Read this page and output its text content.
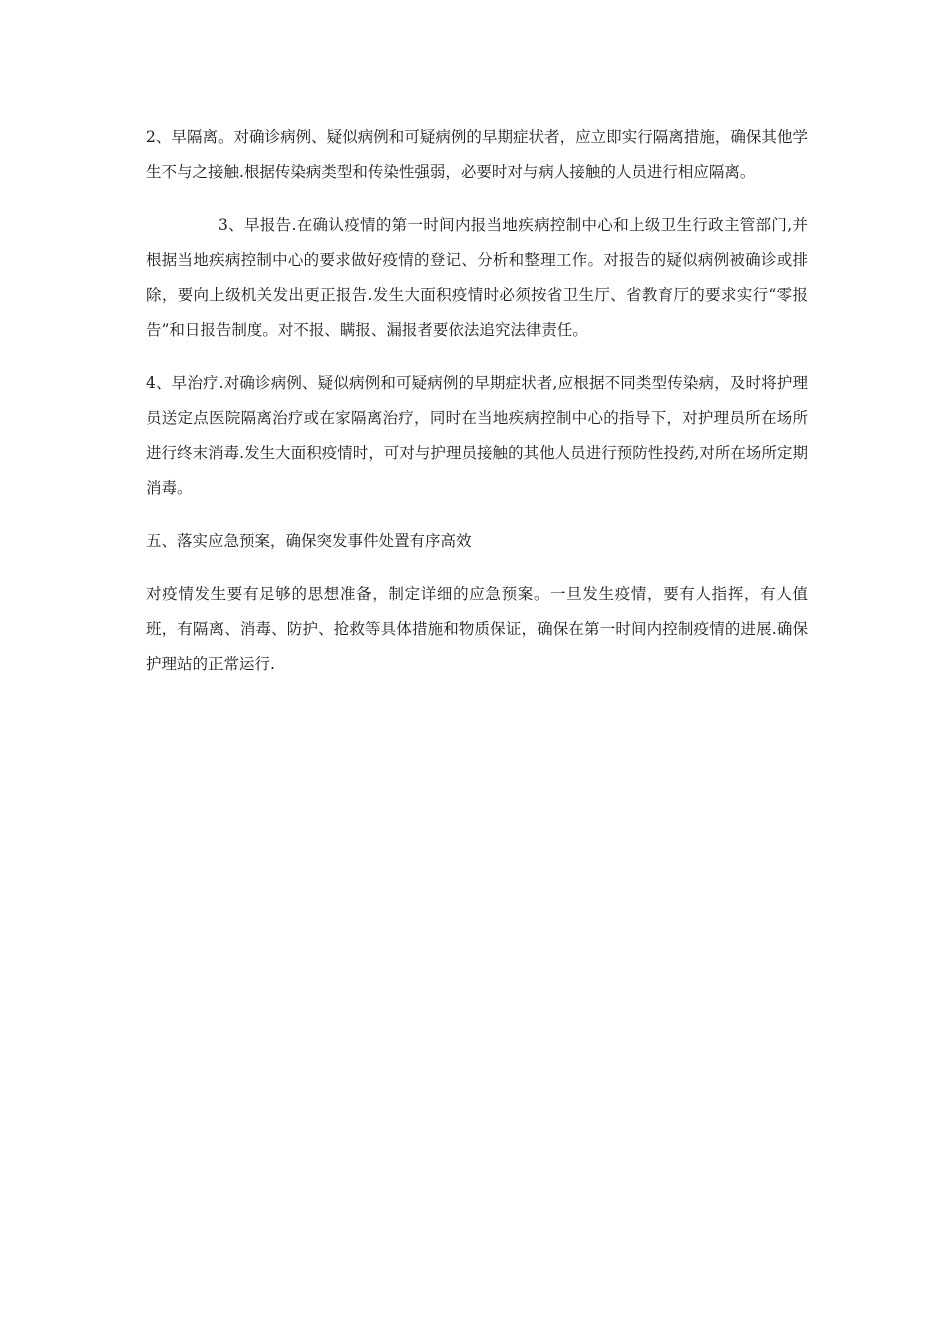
2、早隔离。对确诊病例、疑似病例和可疑病例的早期症状者，应立即实行隔离措施，确保其他学生不与之接触.根据传染病类型和传染性强弱，必要时对与病人接触的人员进行相应隔离。

3、早报告.在确认疫情的第一时间内报当地疾病控制中心和上级卫生行政主管部门,并根据当地疾病控制中心的要求做好疫情的登记、分析和整理工作。对报告的疑似病例被确诊或排除，要向上级机关发出更正报告.发生大面积疫情时必须按省卫生厅、省教育厅的要求实行“零报告”和日报告制度。对不报、瞒报、漏报者要依法追究法律责任。

4、早治疗.对确诊病例、疑似病例和可疑病例的早期症状者,应根据不同类型传染病，及时将护理员送定点医院隔离治疗或在家隔离治疗，同时在当地疾病控制中心的指导下，对护理员所在场所进行终末消毒.发生大面积疫情时，可对与护理员接触的其他人员进行预防性投药,对所在场所定期消毒。

五、落实应急预案，确保突发事件处置有序高效

对疫情发生要有足够的思想准备，制定详细的应急预案。一旦发生疫情，要有人指挥，有人值班，有隔离、消毒、防护、抢救等具体措施和物质保证，确保在第一时间内控制疫情的进展.确保护理站的正常运行.
